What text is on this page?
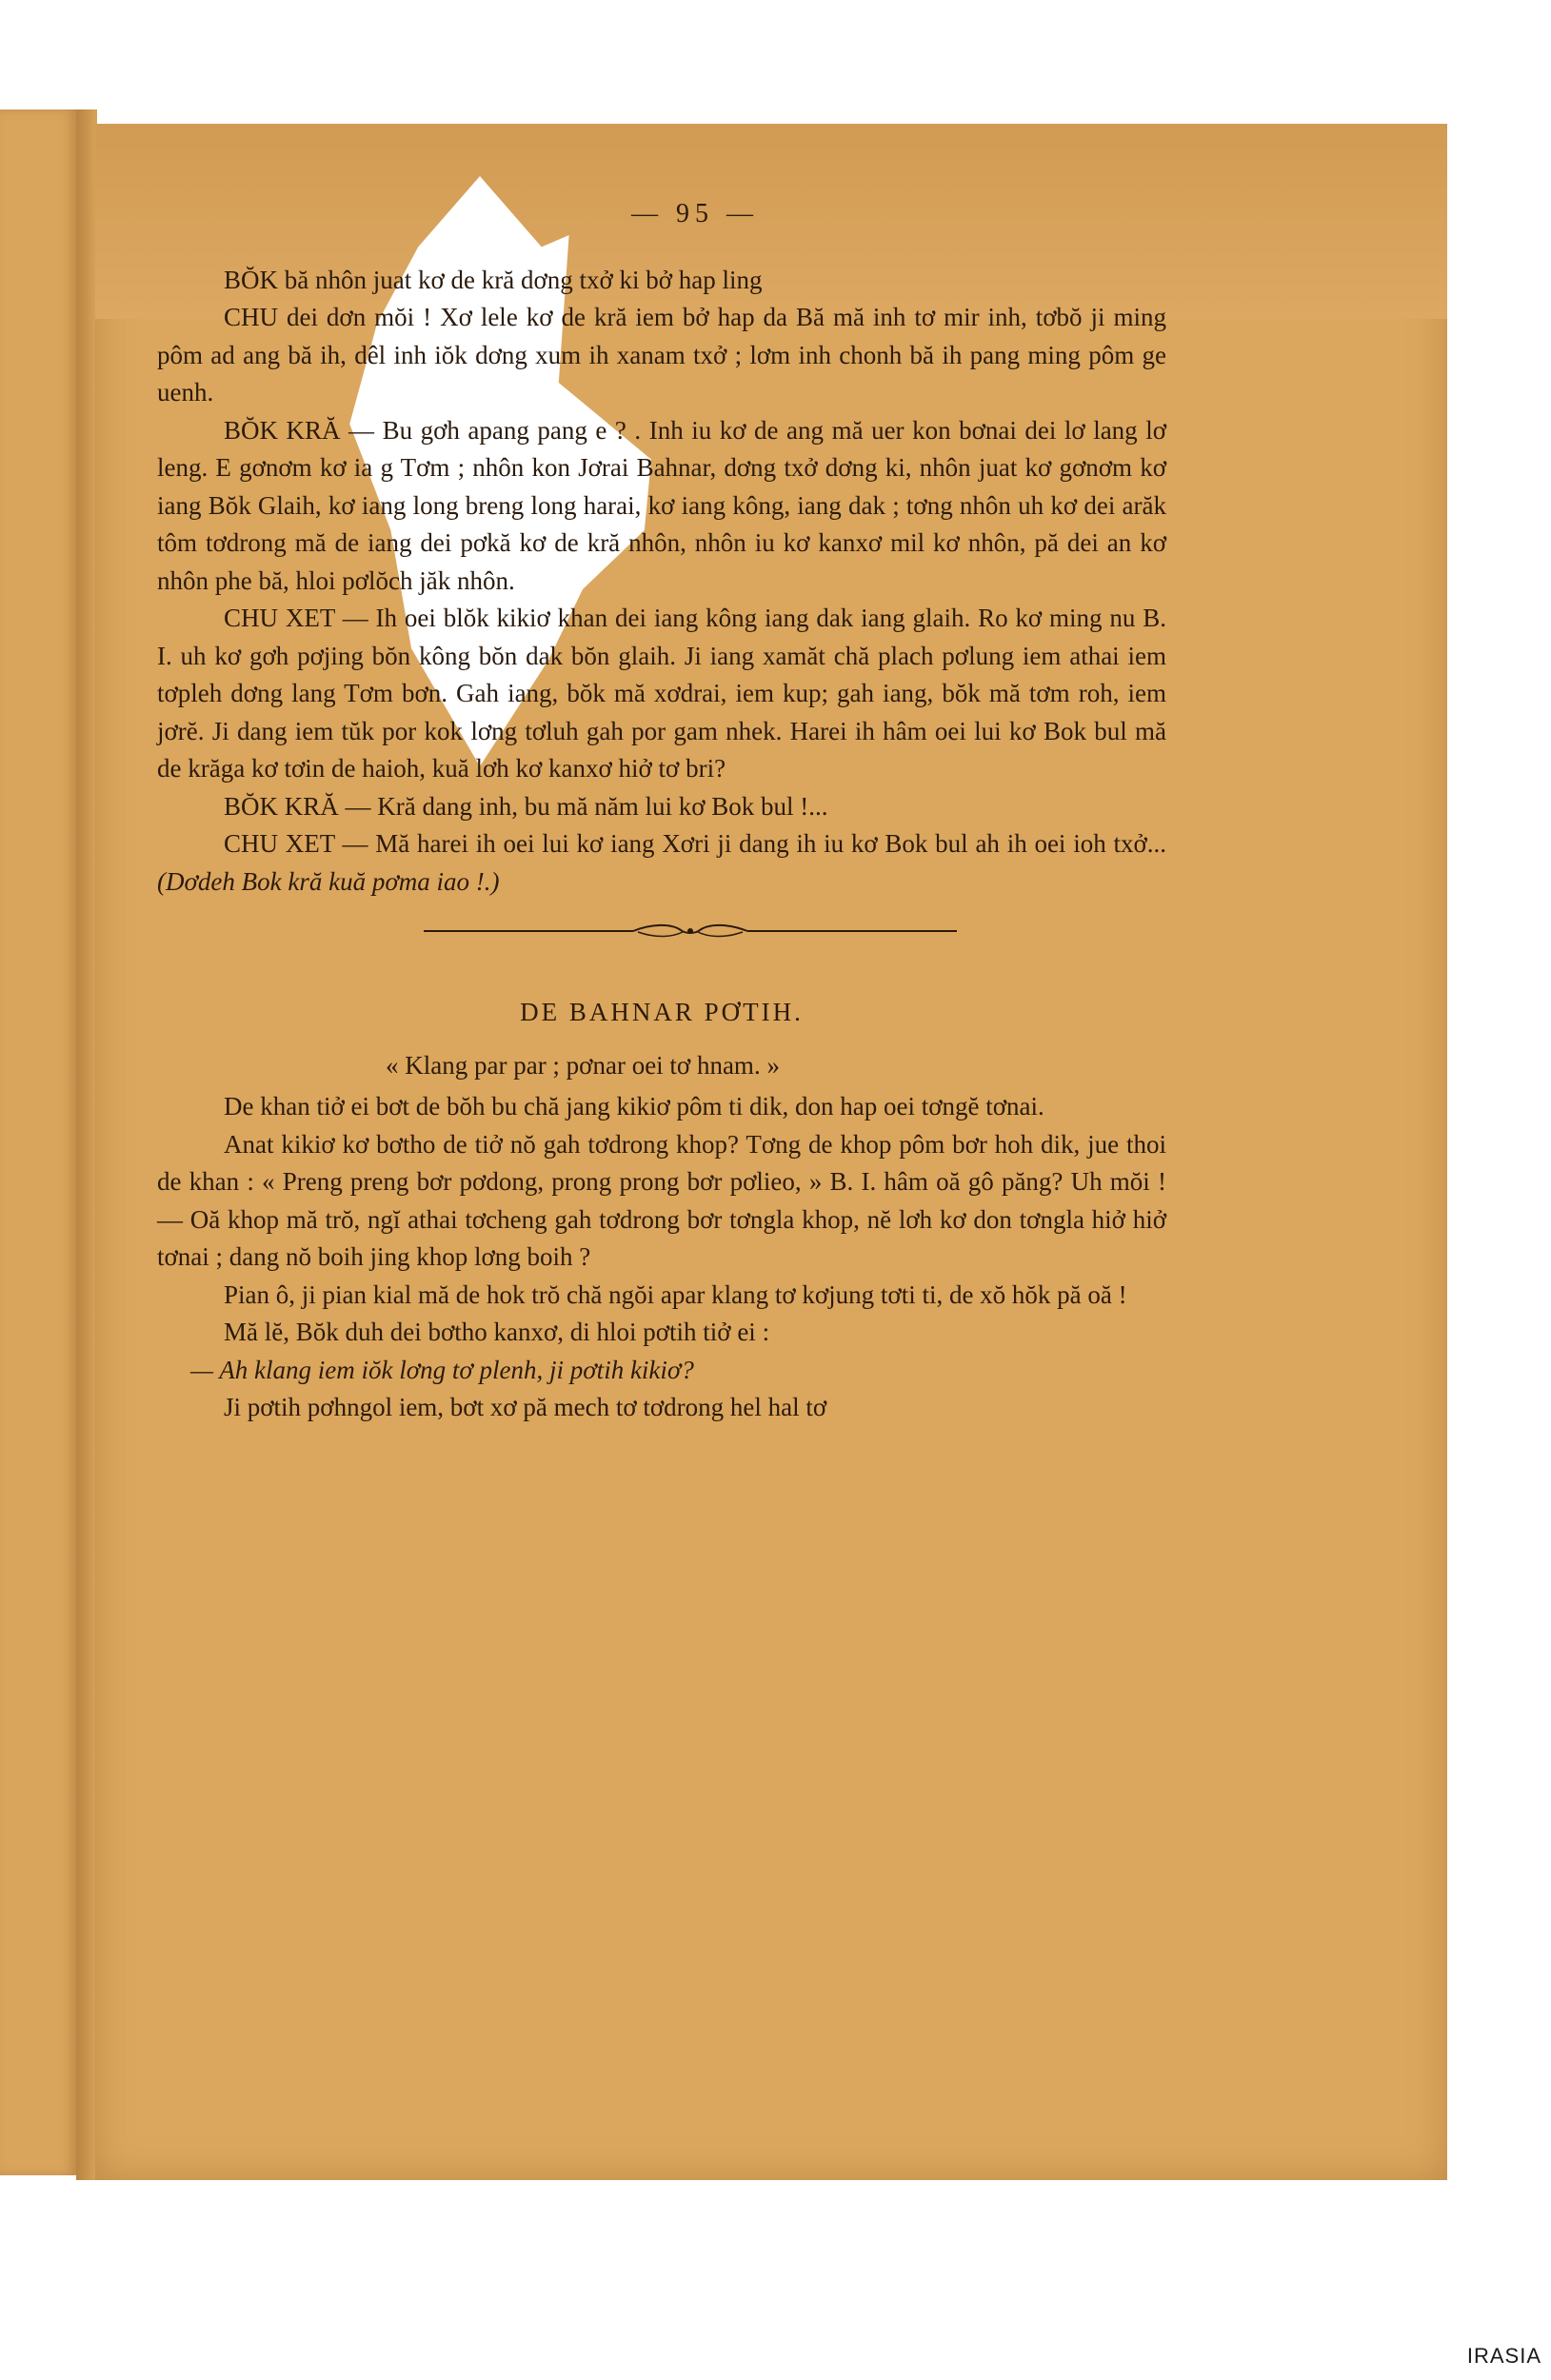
— 95 —

BŎK bă nhôn juat kơ de kră dơng txở ki bở hap ling

CHU dei dơn mŏi ! Xơ lele kơ de kră iem bở hap da Bă mă inh tơ mir inh, tơbŏ ji ming pôm ad ang bă ih, dêl inh iŏk dơng xum ih xanam txở ; lơm inh chonh bă ih pang ming pôm ge uenh.

BŎK KRĂ — Bu gơh apang pang e ? . Inh iu kơ de ang mă uer kon bơnai dei lơ lang lơ leng. E gơnơm kơ ia g Tơm ; nhôn kon Jơrai Bahnar, dơng txở dơng ki, nhôn juat kơ gơnơm kơ iang Bŏk Glaih, kơ iang long breng long harai, kơ iang kông, iang dak ; tơng nhôn uh kơ dei arăk tôm tơdrong mă de iang dei pơkă kơ de kră nhôn, nhôn iu kơ kanxơ mil kơ nhôn, pă dei an kơ nhôn phe bă, hloi pơlŏch jăk nhôn.

CHU XET — Ih oei blŏk kikiơ khan dei iang kông iang dak iang glaih. Ro kơ ming nu B. I. uh kơ gơh pơjing bŏn kông bŏn dak bŏn glaih. Ji iang xamăt chă plach pơlung iem athai iem tơpleh dơng lang Tơm bơn. Gah iang, bŏk mă xơdrai, iem kup; gah iang, bŏk mă tơm roh, iem jơrĕ. Ji dang iem tŭk por kok lơng tơluh gah por gam nhek. Harei ih hâm oei lui kơ Bok bul mă de krăga kơ tơin de haioh, kuă lơh kơ kanxơ hiở tơ bri?

BŎK KRĂ — Kră dang inh, bu mă năm lui kơ Bok bul !...

CHU XET — Mă harei ih oei lui kơ iang Xơri ji dang ih iu kơ Bok bul ah ih oei ioh txở... (Dơdeh Bok kră kuă pơma iao !.)

DE BAHNAR PƠTIH.
« Klang par par ; pơnar oei tơ hnam. »

De khan tiở ei bơt de bŏh bu chă jang kikiơ pôm ti dik, don hap oei tơngĕ tơnai.

Anat kikiơ kơ bơtho de tiở nŏ gah tơdrong khop? Tơng de khop pôm bơr hoh dik, jue thoi de khan : « Preng preng bơr pơdong, prong prong bơr pơlieo, » B. I. hâm oă gô păng? Uh mŏi ! — Oă khop mă trŏ, ngĭ athai tơcheng gah tơdrong bơr tơngla khop, nĕ lơh kơ don tơngla hiở hiở tơnai ; dang nŏ boih jing khop lơng boih ?

Pian ô, ji pian kial mă de hok trŏ chă ngŏi apar klang tơ kơjung tơti ti, de xŏ hŏk pă oă !

Mă lĕ, Bŏk duh dei bơtho kanxơ, di hloi pơtih tiở ei :

— Ah klang iem iŏk lơng tơ plenh, ji pơtih kikiơ?

Ji pơtih pơhngol iem, bơt xơ pă mech tơ tơdrong hel hal tơ

IRASIA
